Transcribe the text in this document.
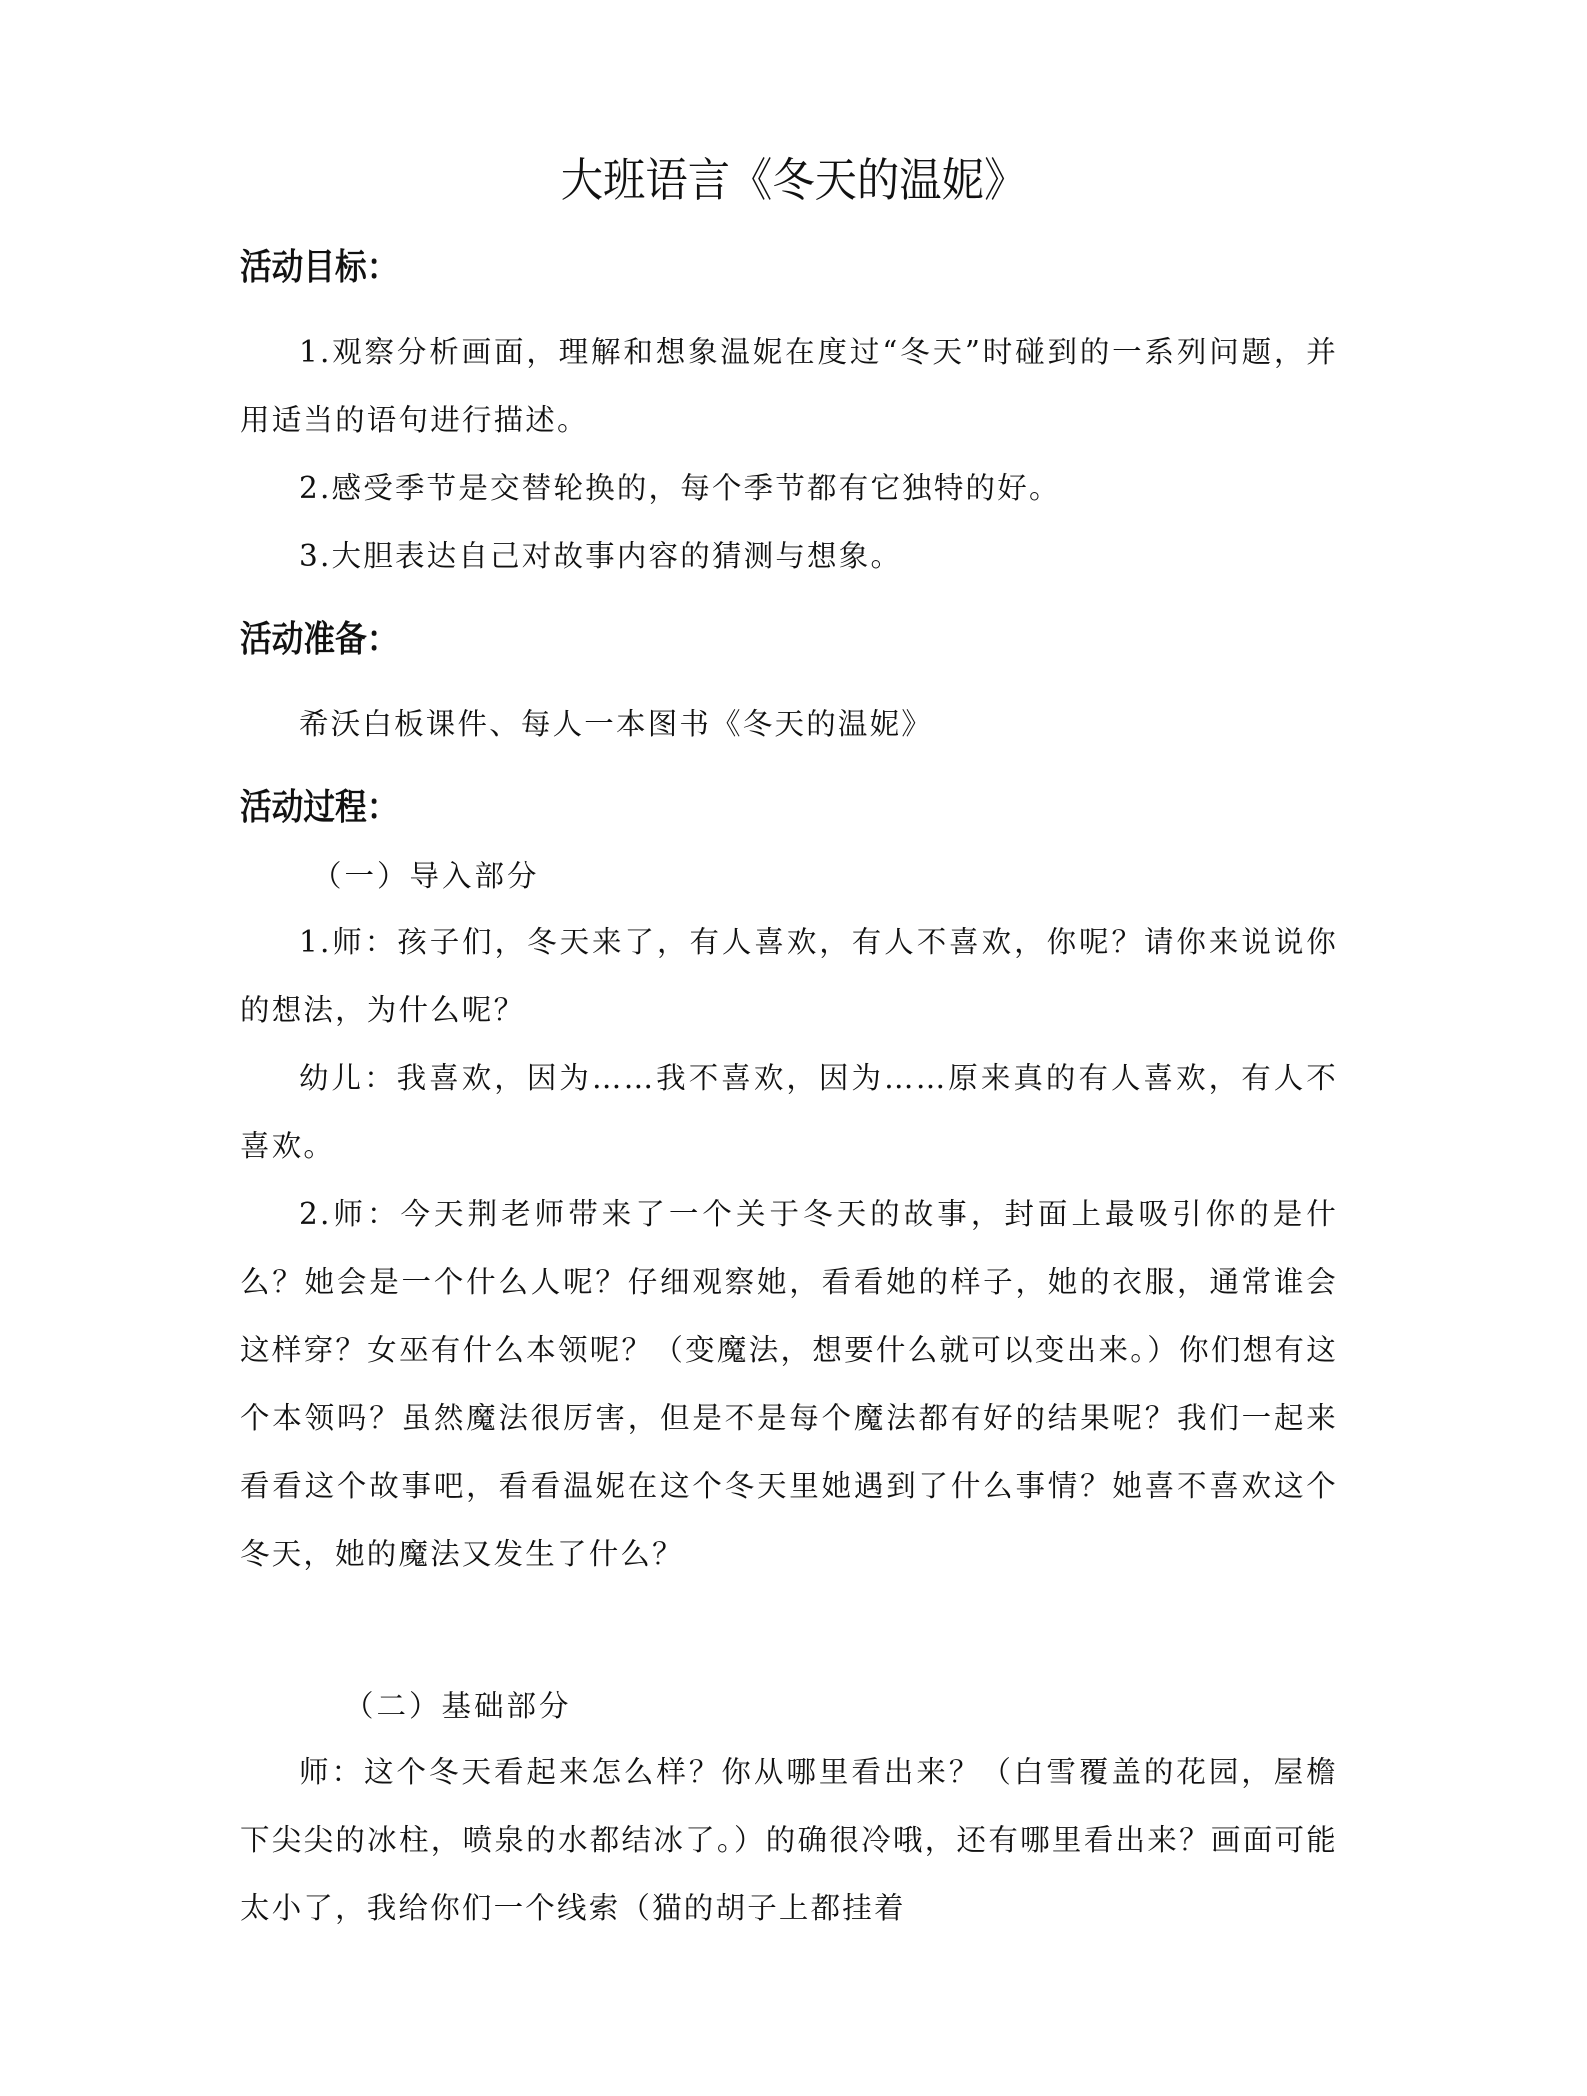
大班语言《冬天的温妮》
活动目标：

1.观察分析画面，理解和想象温妮在度过“冬天”时碰到的一系列问题，并用适当的语句进行描述。

2.感受季节是交替轮换的，每个季节都有它独特的好。

3.大胆表达自己对故事内容的猜测与想象。

活动准备：

希沃白板课件、每人一本图书《冬天的温妮》

活动过程：

（一）导入部分

1.师：孩子们，冬天来了，有人喜欢，有人不喜欢，你呢？请你来说说你的想法，为什么呢？

幼儿：我喜欢，因为……我不喜欢，因为……原来真的有人喜欢，有人不喜欢。

2.师：今天荆老师带来了一个关于冬天的故事，封面上最吸引你的是什么？她会是一个什么人呢？仔细观察她，看看她的样子，她的衣服，通常谁会这样穿？女巫有什么本领呢？（变魔法，想要什么就可以变出来。）你们想有这个本领吗？虽然魔法很厉害，但是不是每个魔法都有好的结果呢？我们一起来看看这个故事吧，看看温妮在这个冬天里她遇到了什么事情？她喜不喜欢这个冬天，她的魔法又发生了什么？

（二）基础部分

师：这个冬天看起来怎么样？你从哪里看出来？（白雪覆盖的花园，屋檐下尖尖的冰柱，喷泉的水都结冰了。）的确很冷哦，还有哪里看出来？画面可能太小了，我给你们一个线索（猫的胡子上都挂着
